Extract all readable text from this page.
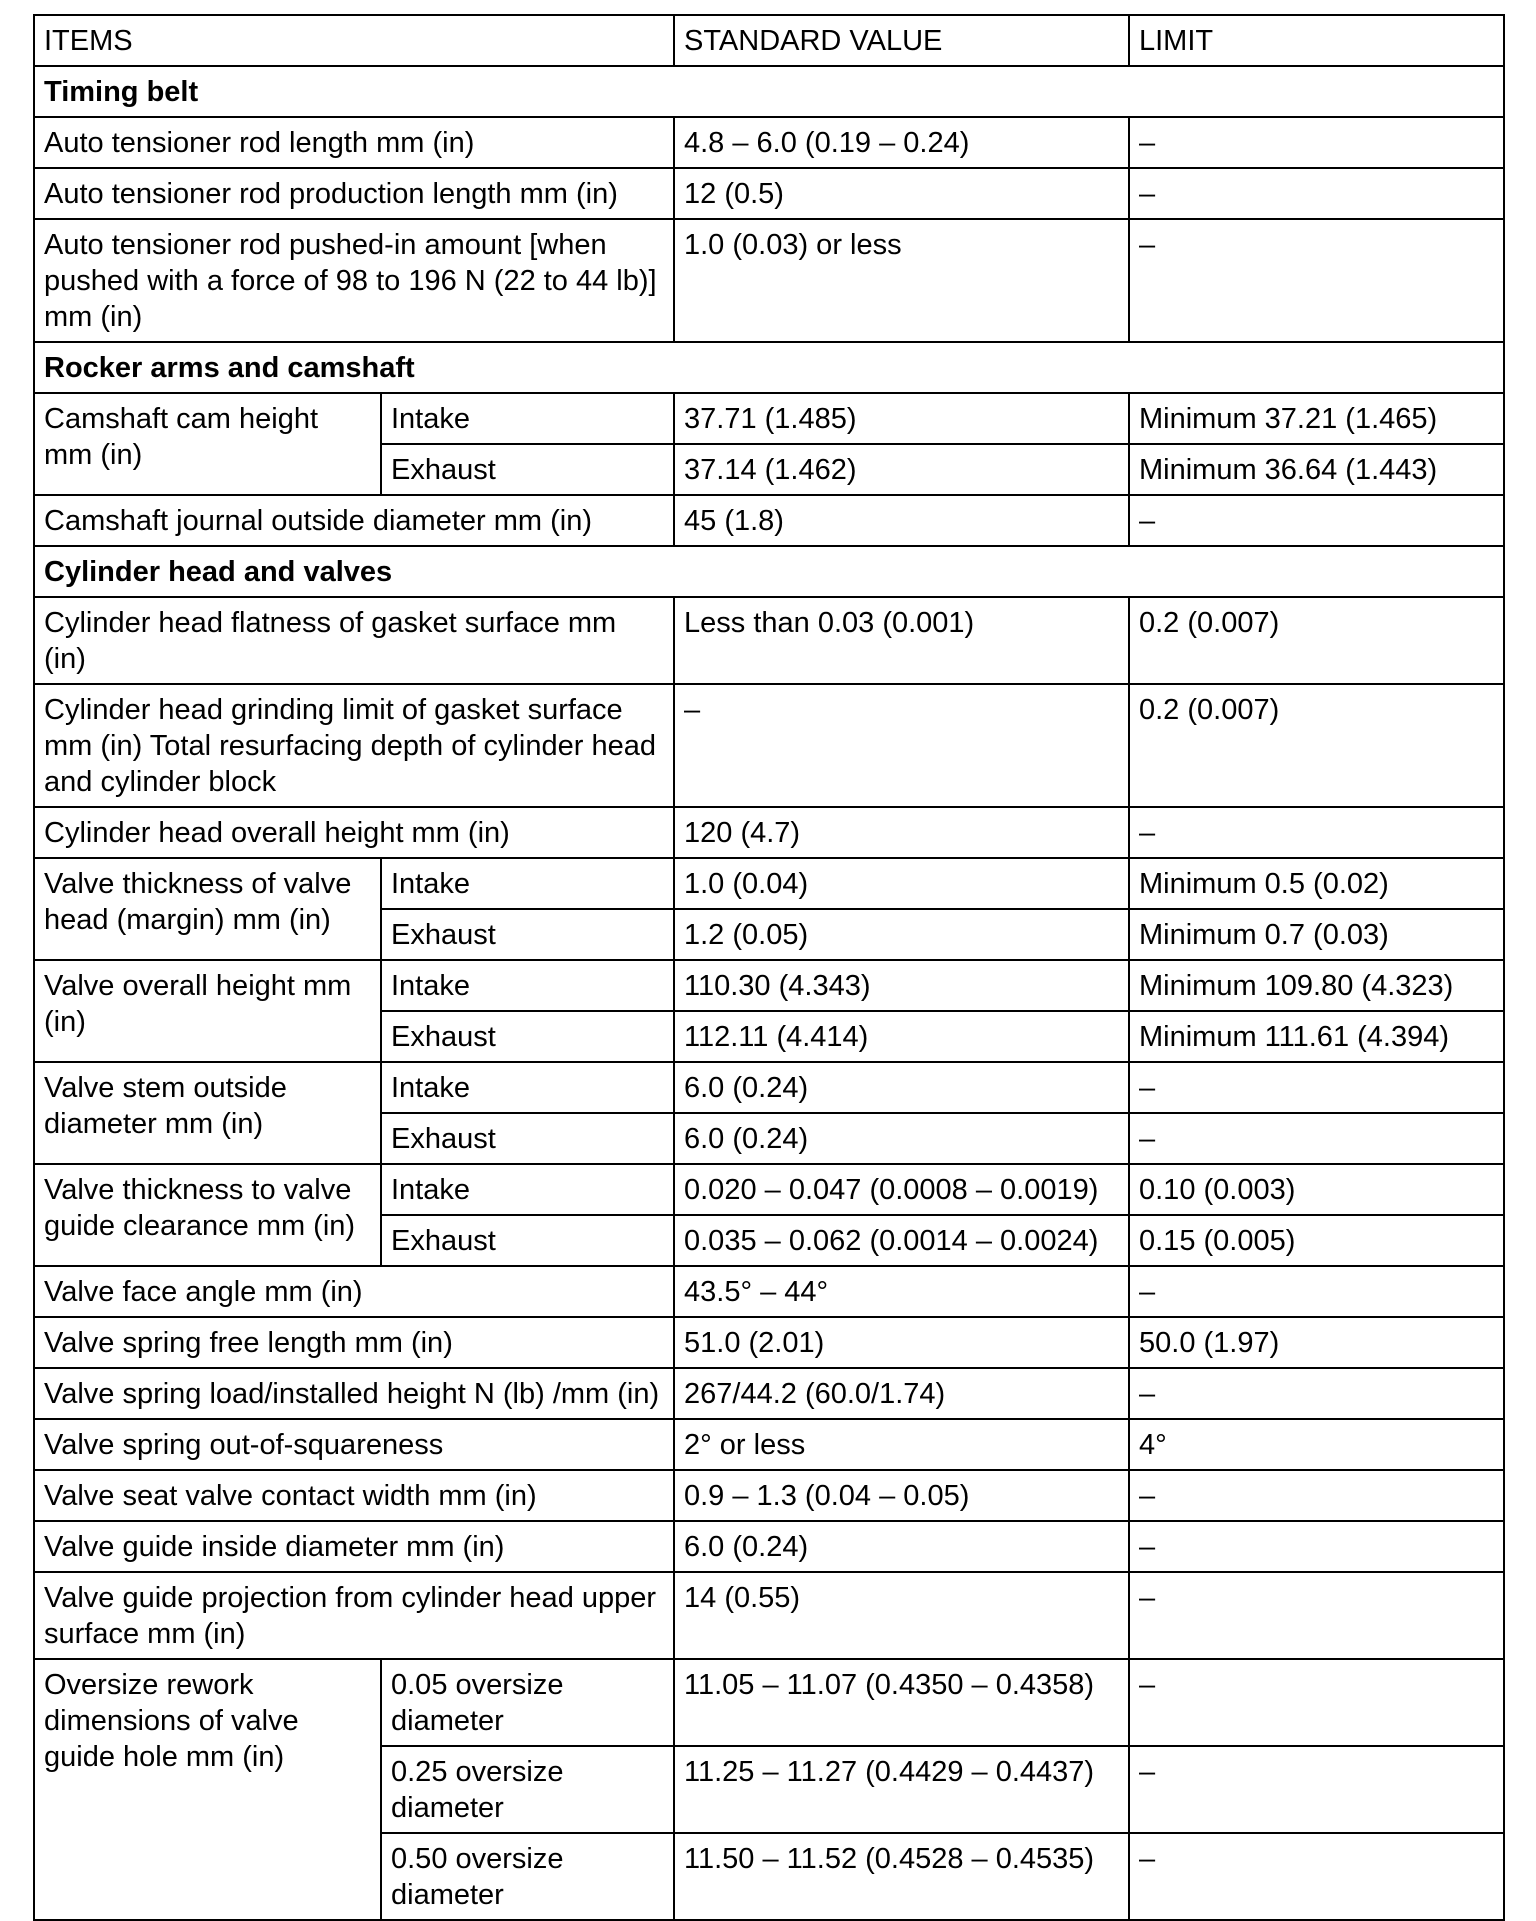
ITEMS		STANDARD VALUE	LIMIT
Timing belt			
Auto tensioner rod length mm (in)		4.8 – 6.0 (0.19 – 0.24)	–
Auto tensioner rod production length mm (in)		12 (0.5)	–
Auto tensioner rod pushed-in amount [when pushed with a force of 98 to 196 N (22 to 44 lb)] mm (in)		1.0 (0.03) or less	–
Rocker arms and camshaft			
Camshaft cam height mm (in)	Intake	37.71 (1.485)	Minimum 37.21 (1.465)
	Exhaust	37.14 (1.462)	Minimum 36.64 (1.443)
Camshaft journal outside diameter mm (in)		45 (1.8)	–
Cylinder head and valves			
Cylinder head flatness of gasket surface mm (in)		Less than 0.03 (0.001)	0.2 (0.007)
Cylinder head grinding limit of gasket surface mm (in) Total resurfacing depth of cylinder head and cylinder block		–	0.2 (0.007)
Cylinder head overall height mm (in)		120 (4.7)	–
Valve thickness of valve head (margin) mm (in)	Intake	1.0 (0.04)	Minimum 0.5 (0.02)
	Exhaust	1.2 (0.05)	Minimum 0.7 (0.03)
Valve overall height mm (in)	Intake	110.30 (4.343)	Minimum 109.80 (4.323)
	Exhaust	112.11 (4.414)	Minimum 111.61 (4.394)
Valve stem outside diameter mm (in)	Intake	6.0 (0.24)	–
	Exhaust	6.0 (0.24)	–
Valve thickness to valve guide clearance mm (in)	Intake	0.020 – 0.047 (0.0008 – 0.0019)	0.10 (0.003)
	Exhaust	0.035 – 0.062 (0.0014 – 0.0024)	0.15 (0.005)
Valve face angle mm (in)		43.5° – 44°	–
Valve spring free length mm (in)		51.0 (2.01)	50.0 (1.97)
Valve spring load/installed height N (lb) /mm (in)		267/44.2 (60.0/1.74)	–
Valve spring out-of-squareness		2° or less	4°
Valve seat valve contact width mm (in)		0.9 – 1.3 (0.04 – 0.05)	–
Valve guide inside diameter mm (in)		6.0 (0.24)	–
Valve guide projection from cylinder head upper surface mm (in)		14 (0.55)	–
Oversize rework dimensions of valve guide hole mm (in)	0.05 oversize diameter	11.05 – 11.07 (0.4350 – 0.4358)	–
	0.25 oversize diameter	11.25 – 11.27 (0.4429 – 0.4437)	–
	0.50 oversize diameter	11.50 – 11.52 (0.4528 – 0.4535)	–
